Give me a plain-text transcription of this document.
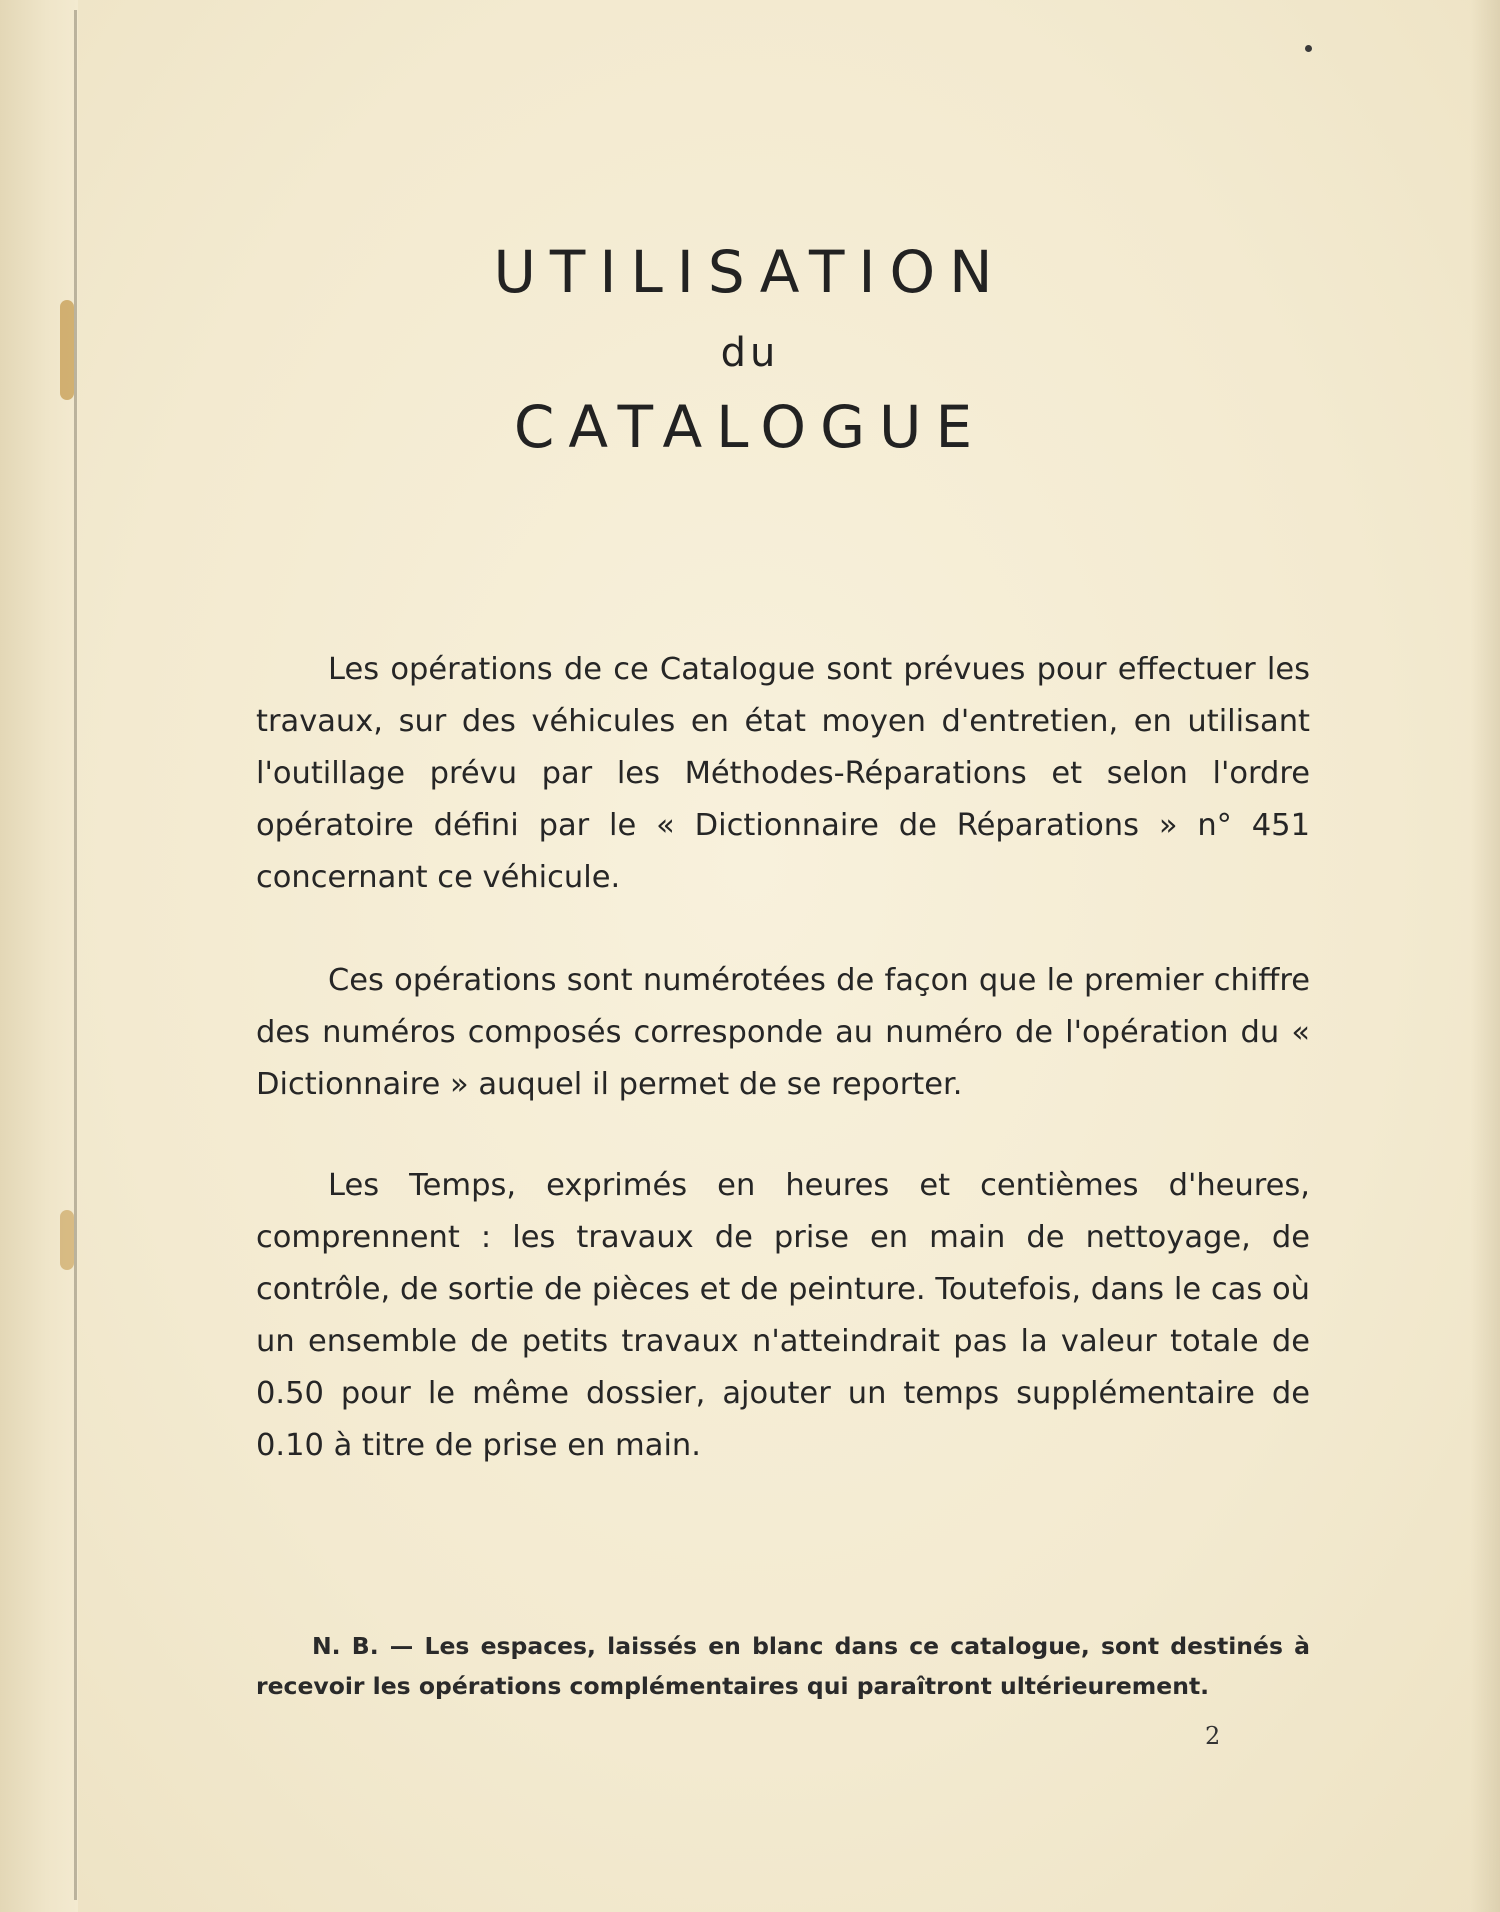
UTILISATION
du
CATALOGUE

Les opérations de ce Catalogue sont prévues pour effectuer les travaux, sur des véhicules en état moyen d'entretien, en utilisant l'outillage prévu par les Méthodes-Réparations et selon l'ordre opératoire défini par le « Dictionnaire de Réparations » n° 451 concernant ce véhicule.

Ces opérations sont numérotées de façon que le premier chiffre des numéros composés corresponde au numéro de l'opération du « Dictionnaire » auquel il permet de se reporter.

Les Temps, exprimés en heures et centièmes d'heures, comprennent : les travaux de prise en main de nettoyage, de contrôle, de sortie de pièces et de peinture. Toutefois, dans le cas où un ensemble de petits travaux n'atteindrait pas la valeur totale de 0.50 pour le même dossier, ajouter un temps supplémentaire de 0.10 à titre de prise en main.

N. B. — Les espaces, laissés en blanc dans ce catalogue, sont destinés à recevoir les opérations complémentaires qui paraîtront ultérieurement.

2
